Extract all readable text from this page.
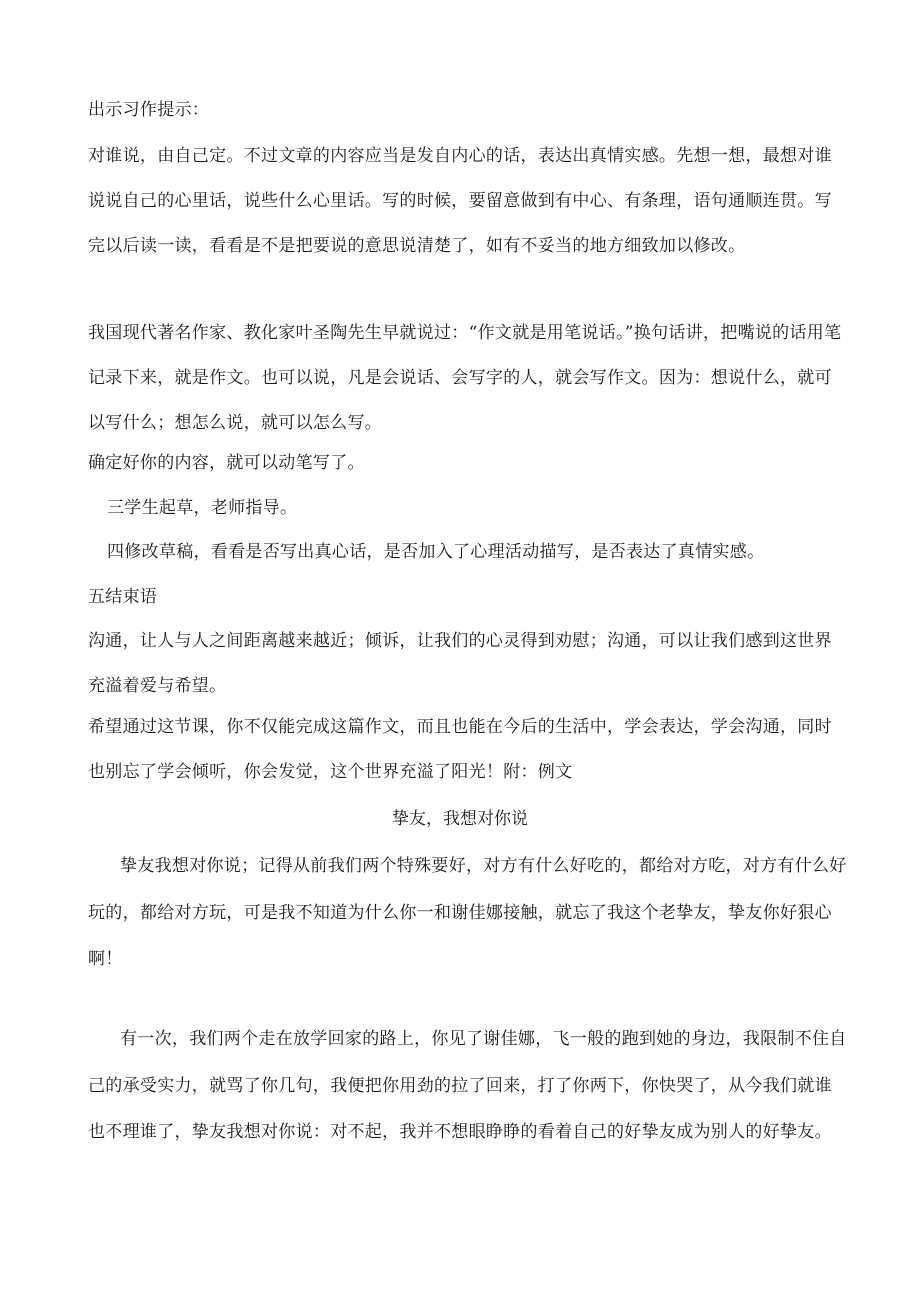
出示习作提示：

对谁说，由自己定。不过文章的内容应当是发自内心的话，表达出真情实感。先想一想，最想对谁说说自己的心里话，说些什么心里话。写的时候，要留意做到有中心、有条理，语句通顺连贯。写完以后读一读，看看是不是把要说的意思说清楚了，如有不妥当的地方细致加以修改。

我国现代著名作家、教化家叶圣陶先生早就说过：“作文就是用笔说话。”换句话讲，把嘴说的话用笔记录下来，就是作文。也可以说，凡是会说话、会写字的人，就会写作文。因为：想说什么，就可以写什么；想怎么说，就可以怎么写。

确定好你的内容，就可以动笔写了。

三学生起草，老师指导。

四修改草稿，看看是否写出真心话，是否加入了心理活动描写，是否表达了真情实感。

五结束语

沟通，让人与人之间距离越来越近；倾诉，让我们的心灵得到劝慰；沟通，可以让我们感到这世界充溢着爱与希望。

希望通过这节课，你不仅能完成这篇作文，而且也能在今后的生活中，学会表达，学会沟通，同时也别忘了学会倾听，你会发觉，这个世界充溢了阳光！附：例文

挚友，我想对你说

挚友我想对你说；记得从前我们两个特殊要好，对方有什么好吃的，都给对方吃，对方有什么好玩的，都给对方玩，可是我不知道为什么你一和谢佳娜接触，就忘了我这个老挚友，挚友你好狠心啊！

有一次，我们两个走在放学回家的路上，你见了谢佳娜，飞一般的跑到她的身边，我限制不住自己的承受实力，就骂了你几句，我便把你用劲的拉了回来，打了你两下，你快哭了，从今我们就谁也不理谁了，挚友我想对你说：对不起，我并不想眼睁睁的看着自己的好挚友成为别人的好挚友。
